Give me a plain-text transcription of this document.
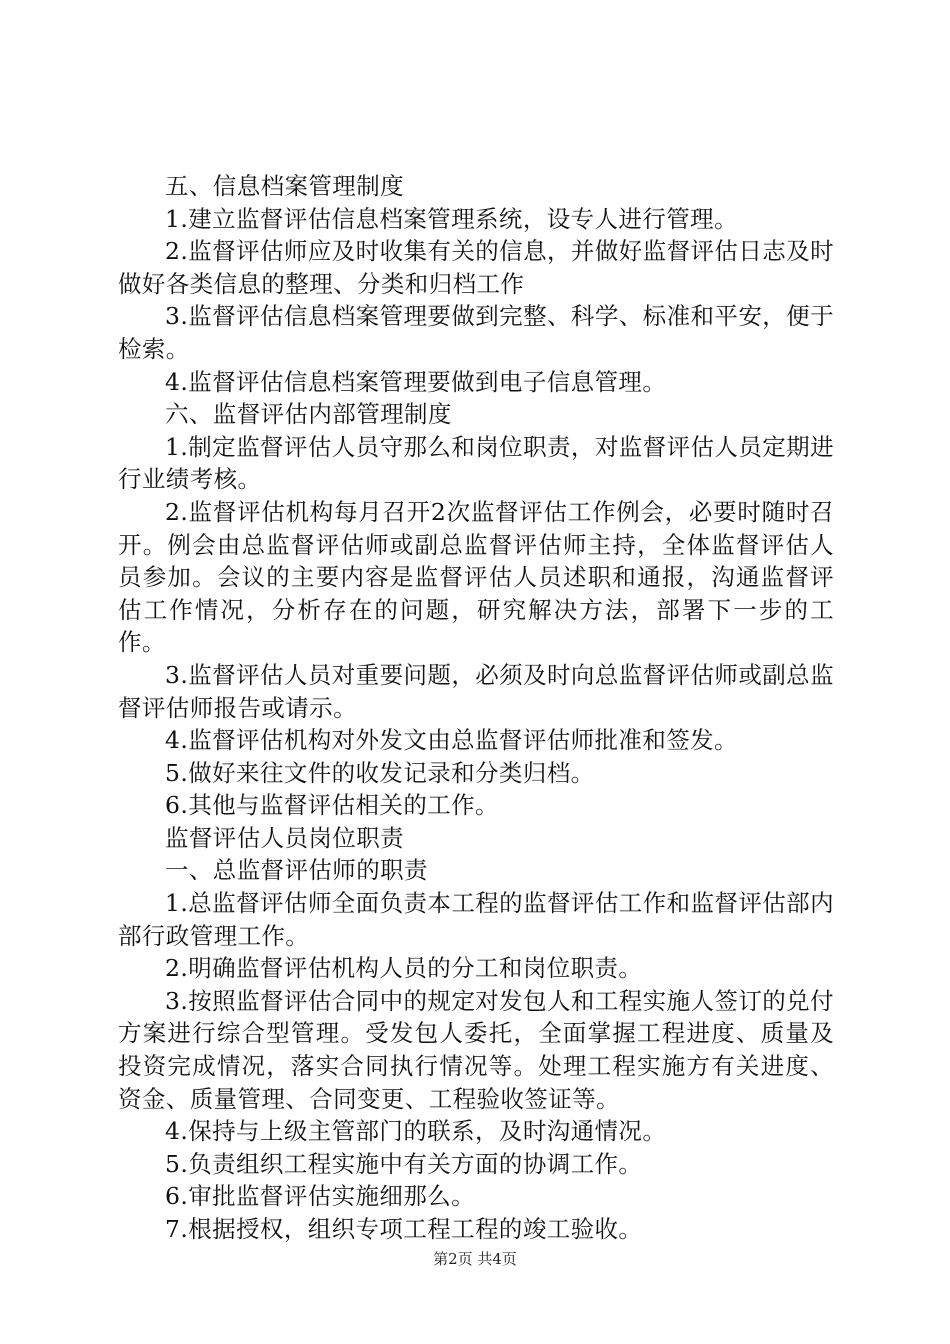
五、信息档案管理制度

1.建立监督评估信息档案管理系统，设专人进行管理。

2.监督评估师应及时收集有关的信息，并做好监督评估日志及时做好各类信息的整理、分类和归档工作

3.监督评估信息档案管理要做到完整、科学、标准和平安，便于检索。

4.监督评估信息档案管理要做到电子信息管理。

六、监督评估内部管理制度

1.制定监督评估人员守那么和岗位职责，对监督评估人员定期进行业绩考核。

2.监督评估机构每月召开2次监督评估工作例会，必要时随时召开。例会由总监督评估师或副总监督评估师主持，全体监督评估人员参加。会议的主要内容是监督评估人员述职和通报，沟通监督评估工作情况，分析存在的问题，研究解决方法，部署下一步的工作。

3.监督评估人员对重要问题，必须及时向总监督评估师或副总监督评估师报告或请示。

4.监督评估机构对外发文由总监督评估师批准和签发。

5.做好来往文件的收发记录和分类归档。

6.其他与监督评估相关的工作。

监督评估人员岗位职责

一、总监督评估师的职责

1.总监督评估师全面负责本工程的监督评估工作和监督评估部内部行政管理工作。

2.明确监督评估机构人员的分工和岗位职责。

3.按照监督评估合同中的规定对发包人和工程实施人签订的兑付方案进行综合型管理。受发包人委托，全面掌握工程进度、质量及投资完成情况，落实合同执行情况等。处理工程实施方有关进度、资金、质量管理、合同变更、工程验收签证等。

4.保持与上级主管部门的联系，及时沟通情况。

5.负责组织工程实施中有关方面的协调工作。

6.审批监督评估实施细那么。

7.根据授权，组织专项工程工程的竣工验收。

第2页 共4页
